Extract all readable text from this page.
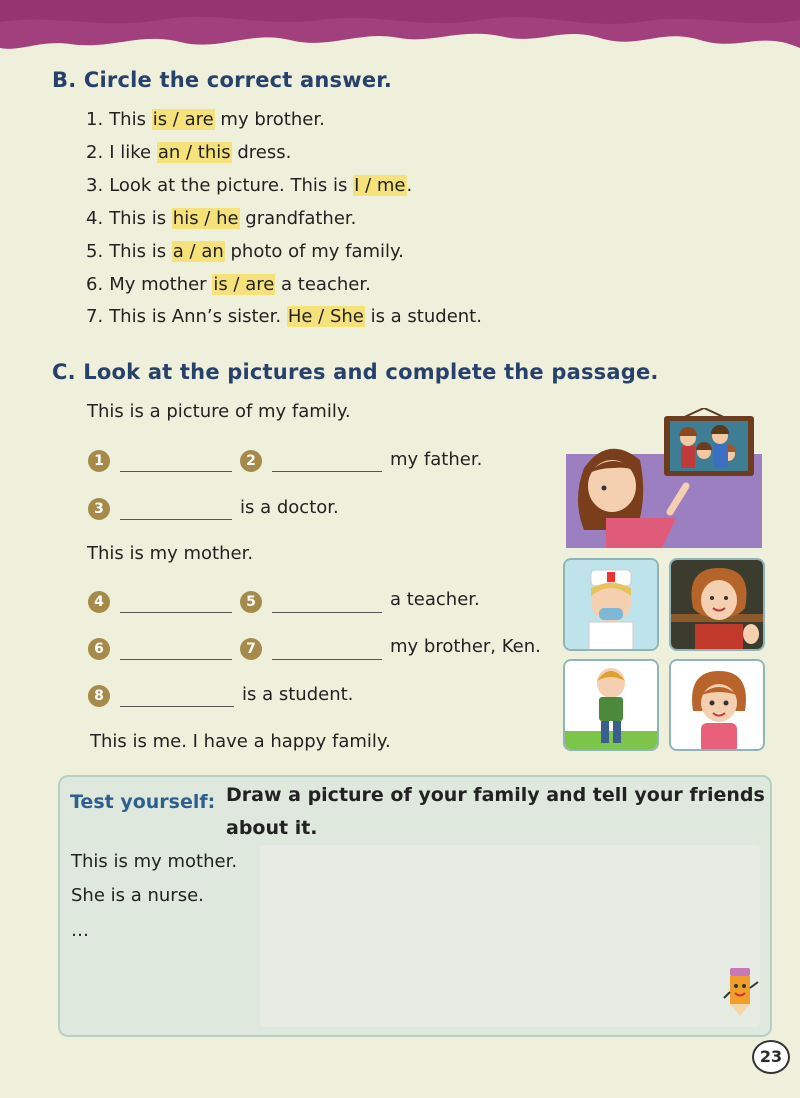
B. Circle the correct answer.
1. This is / are my brother.
2. I like an / this dress.
3. Look at the picture. This is I / me.
4. This is his / he grandfather.
5. This is a / an photo of my family.
6. My mother is / are a teacher.
7. This is Ann’s sister. He / She is a student.
C. Look at the pictures and complete the passage.
This is a picture of my family.
1	2	my father.
3	is a doctor.
This is my mother.
4	5	a teacher.
6	7	my brother, Ken.
8	is a student.
This is me. I have a happy family.
Test yourself: Draw a picture of your family and tell your friends
about it.
This is my mother.
She is a nurse.
…
23
